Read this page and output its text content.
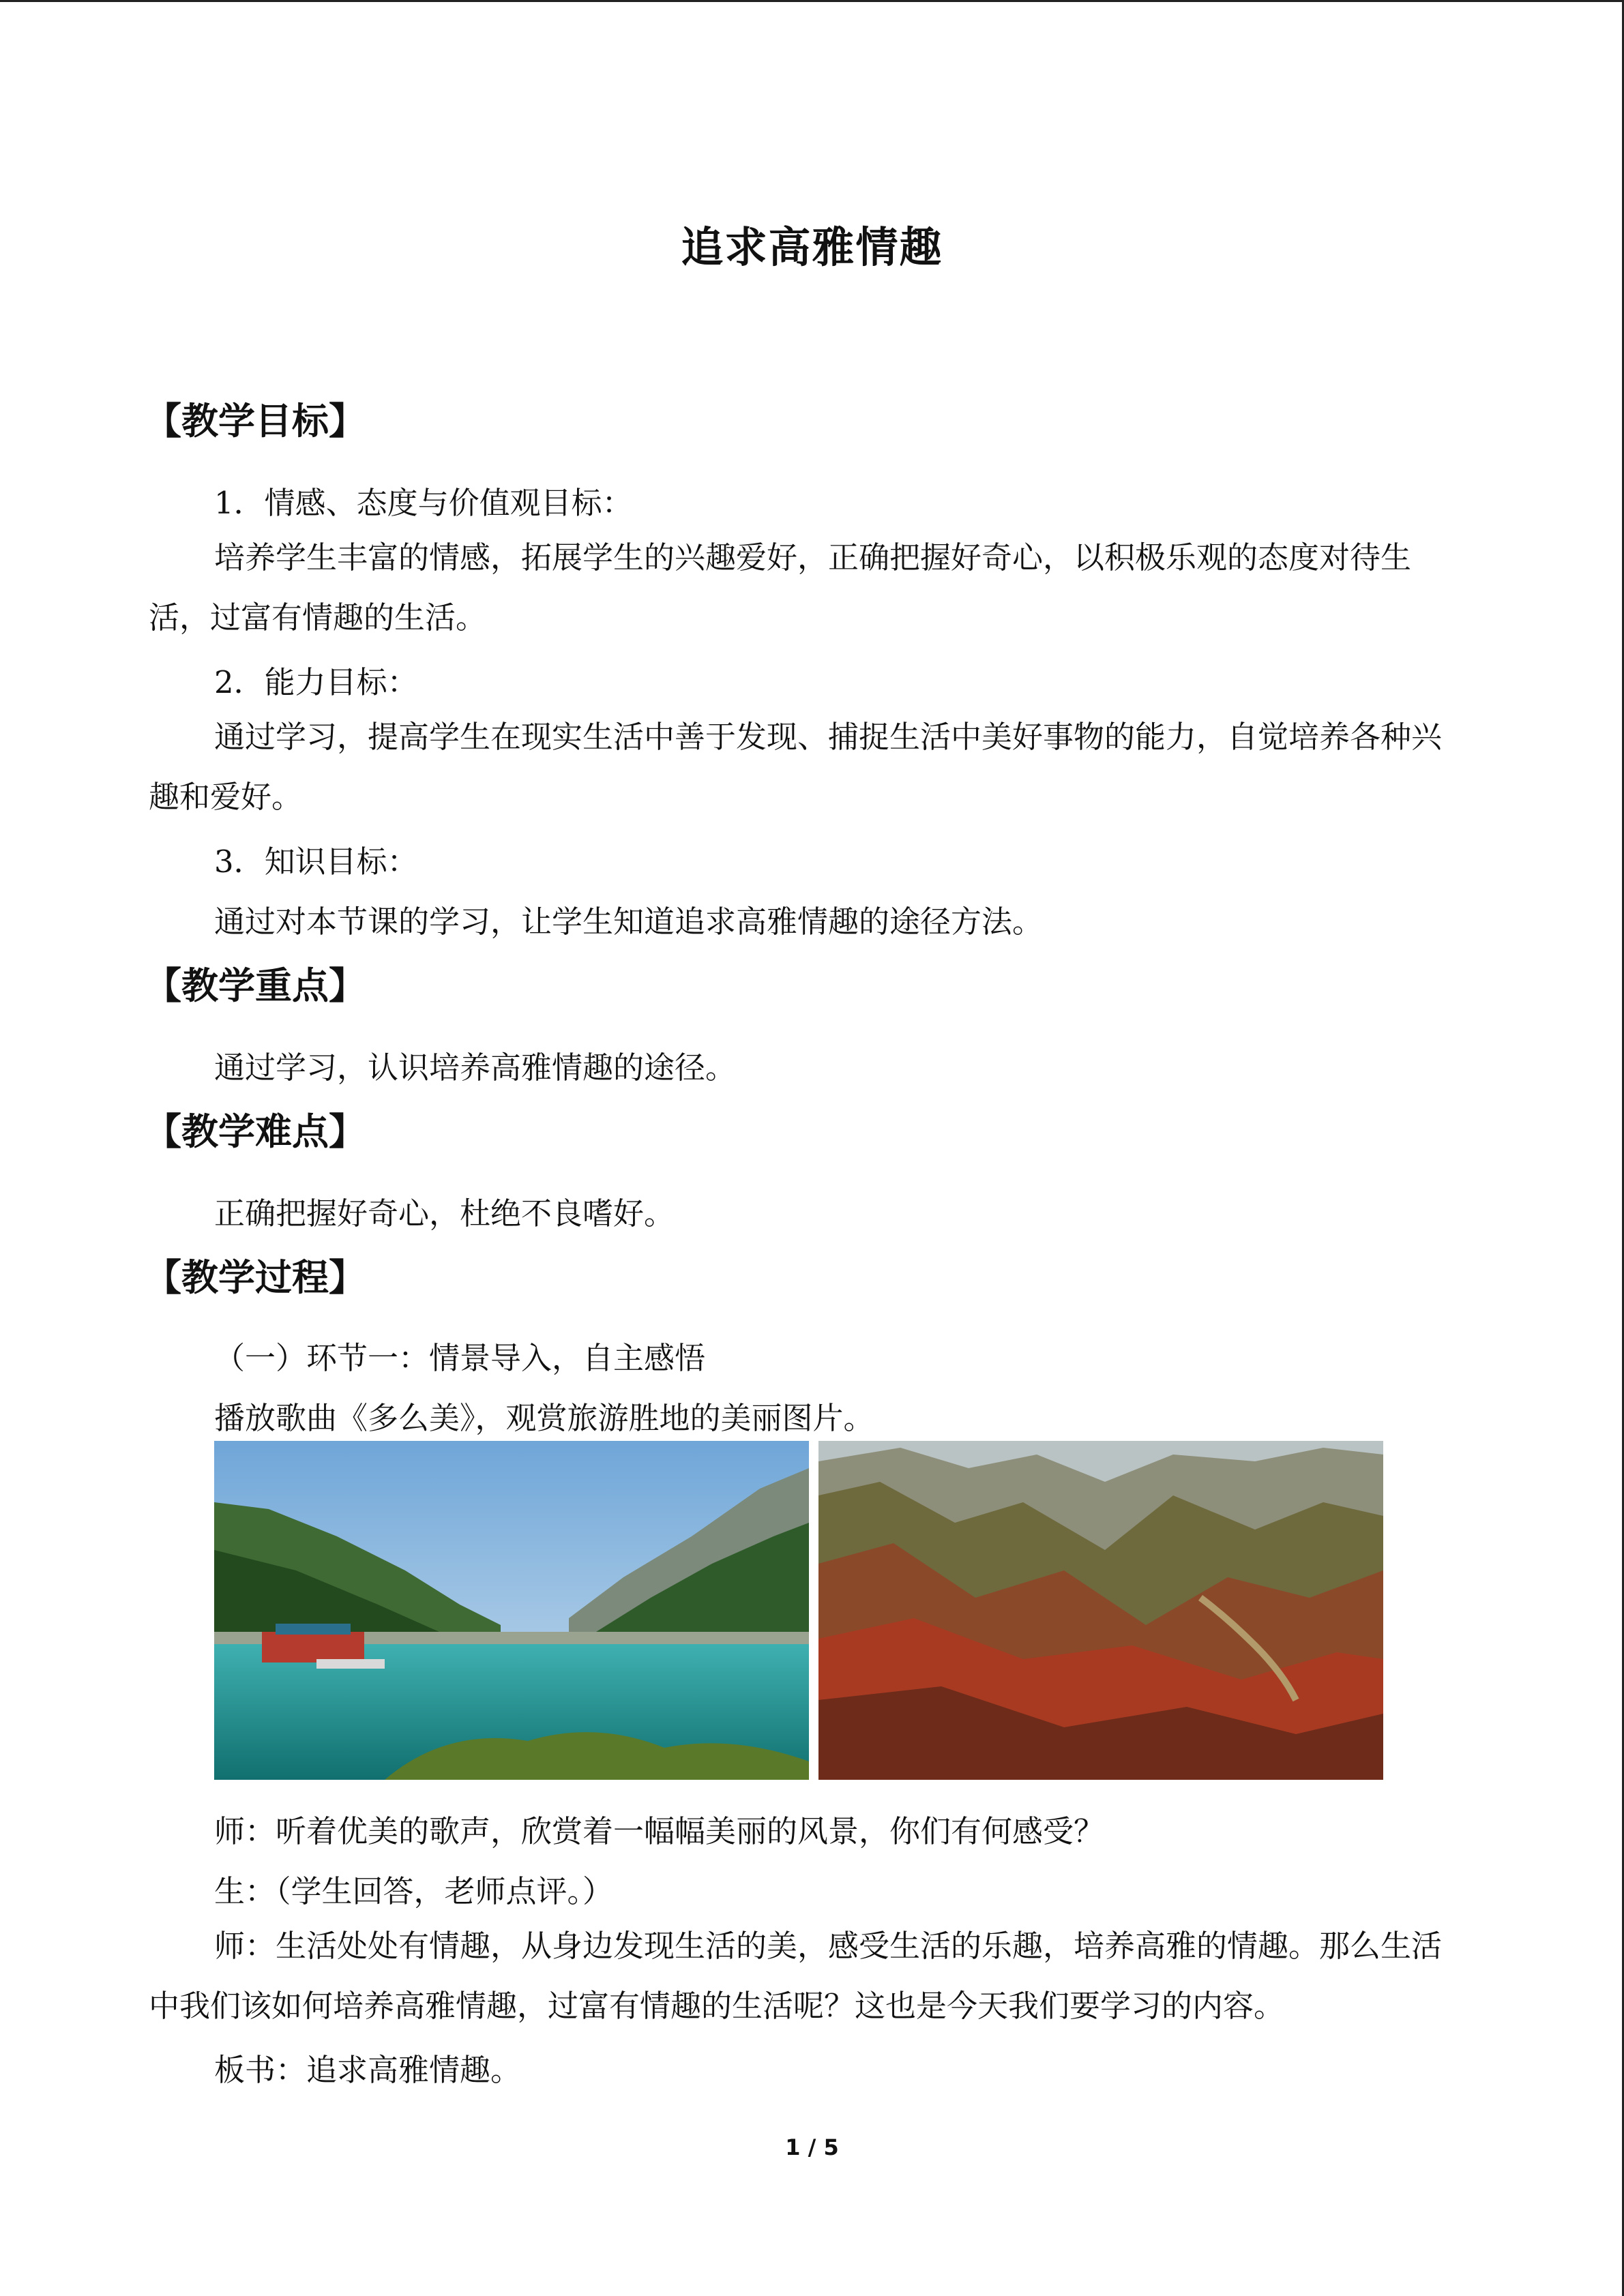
追求高雅情趣
【教学目标】
1．情感、态度与价值观目标：
培养学生丰富的情感，拓展学生的兴趣爱好，正确把握好奇心，以积极乐观的态度对待生活，过富有情趣的生活。
2．能力目标：
通过学习，提高学生在现实生活中善于发现、捕捉生活中美好事物的能力，自觉培养各种兴趣和爱好。
3．知识目标：
通过对本节课的学习，让学生知道追求高雅情趣的途径方法。
【教学重点】
通过学习，认识培养高雅情趣的途径。
【教学难点】
正确把握好奇心，杜绝不良嗜好。
【教学过程】
（一）环节一：情景导入，自主感悟
播放歌曲《多么美》，观赏旅游胜地的美丽图片。
师：听着优美的歌声，欣赏着一幅幅美丽的风景，你们有何感受？
生：（学生回答，老师点评。）
师：生活处处有情趣，从身边发现生活的美，感受生活的乐趣，培养高雅的情趣。那么生活中我们该如何培养高雅情趣，过富有情趣的生活呢？这也是今天我们要学习的内容。
板书：追求高雅情趣。
1 / 5
